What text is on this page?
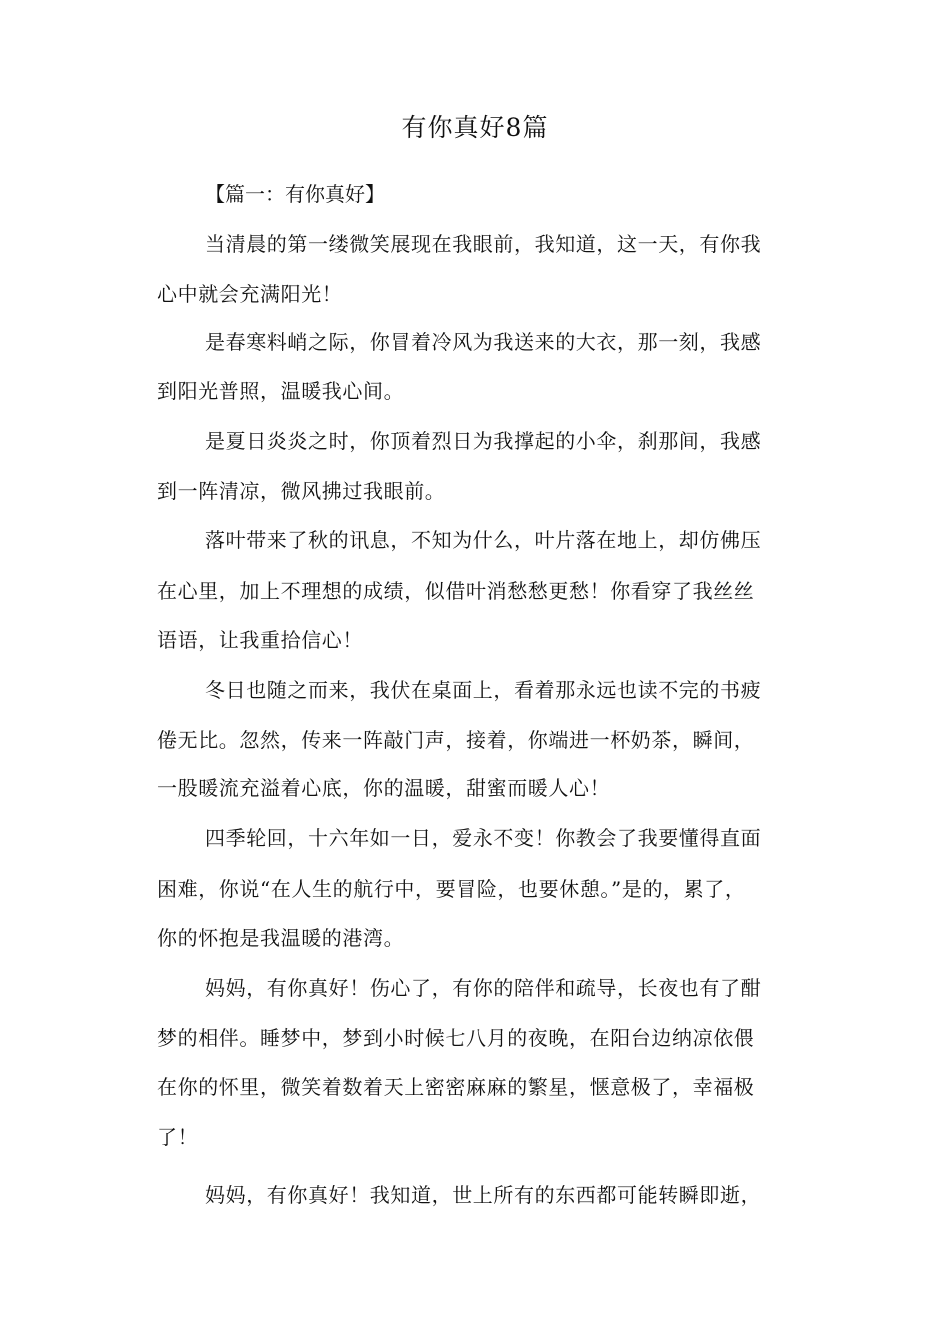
有你真好8篇
【篇一：有你真好】
当清晨的第一缕微笑展现在我眼前，我知道，这一天，有你我
心中就会充满阳光！
是春寒料峭之际，你冒着冷风为我送来的大衣，那一刻，我感
到阳光普照，温暖我心间。
是夏日炎炎之时，你顶着烈日为我撑起的小伞，刹那间，我感
到一阵清凉，微风拂过我眼前。
落叶带来了秋的讯息，不知为什么，叶片落在地上，却仿佛压
在心里，加上不理想的成绩，似借叶消愁愁更愁！你看穿了我丝丝
语语，让我重拾信心！
冬日也随之而来，我伏在桌面上，看着那永远也读不完的书疲
倦无比。忽然，传来一阵敲门声，接着，你端进一杯奶茶，瞬间，
一股暖流充溢着心底，你的温暖，甜蜜而暖人心！
四季轮回，十六年如一日，爱永不变！你教会了我要懂得直面
困难，你说“在人生的航行中，要冒险，也要休憩。”是的，累了，
你的怀抱是我温暖的港湾。
妈妈，有你真好！伤心了，有你的陪伴和疏导，长夜也有了酣
梦的相伴。睡梦中，梦到小时候七八月的夜晚，在阳台边纳凉依偎
在你的怀里，微笑着数着天上密密麻麻的繁星，惬意极了，幸福极
了！
妈妈，有你真好！我知道，世上所有的东西都可能转瞬即逝，
